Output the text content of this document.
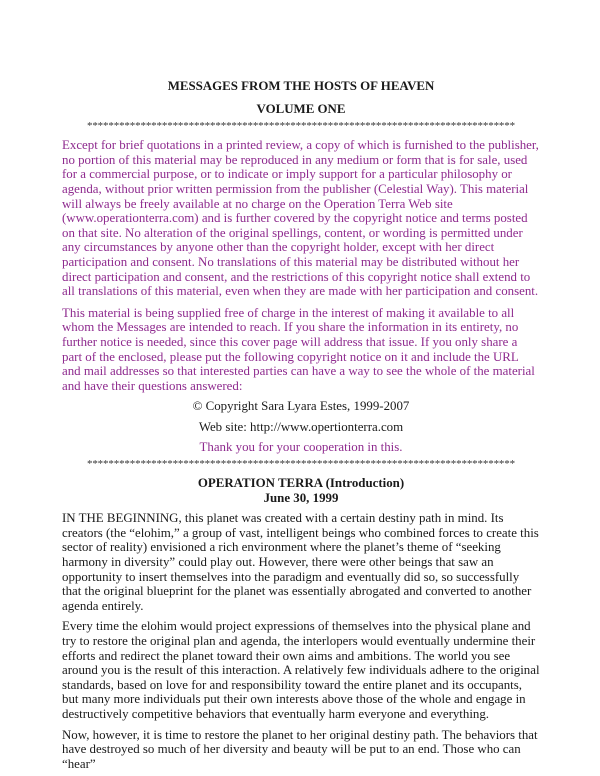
MESSAGES FROM THE HOSTS OF HEAVEN

VOLUME ONE

********************************************************************************

Except for brief quotations in a printed review, a copy of which is furnished to the publisher, no portion of this material may be reproduced in any medium or form that is for sale, used for a commercial purpose, or to indicate or imply support for a particular philosophy or agenda, without prior written permission from the publisher (Celestial Way). This material will always be freely available at no charge on the Operation Terra Web site (www.operationterra.com) and is further covered by the copyright notice and terms posted on that site. No alteration of the original spellings, content, or wording is permitted under any circumstances by anyone other than the copyright holder, except with her direct participation and consent. No translations of this material may be distributed without her direct participation and consent, and the restrictions of this copyright notice shall extend to all translations of this material, even when they are made with her participation and consent.

This material is being supplied free of charge in the interest of making it available to all whom the Messages are intended to reach. If you share the information in its entirety, no further notice is needed, since this cover page will address that issue. If you only share a part of the enclosed, please put the following copyright notice on it and include the URL and mail addresses so that interested parties can have a way to see the whole of the material and have their questions answered:

© Copyright Sara Lyara Estes, 1999-2007

Web site: http://www.opertionterra.com

Thank you for your cooperation in this.

********************************************************************************

OPERATION TERRA (Introduction)

June 30, 1999

IN THE BEGINNING, this planet was created with a certain destiny path in mind. Its creators (the “elohim,” a group of vast, intelligent beings who combined forces to create this sector of reality) envisioned a rich environment where the planet’s theme of “seeking harmony in diversity” could play out. However, there were other beings that saw an opportunity to insert themselves into the paradigm and eventually did so, so successfully that the original blueprint for the planet was essentially abrogated and converted to another agenda entirely.

Every time the elohim would project expressions of themselves into the physical plane and try to restore the original plan and agenda, the interlopers would eventually undermine their efforts and redirect the planet toward their own aims and ambitions. The world you see around you is the result of this interaction. A relatively few individuals adhere to the original standards, based on love for and responsibility toward the entire planet and its occupants, but many more individuals put their own interests above those of the whole and engage in destructively competitive behaviors that eventually harm everyone and everything.

Now, however, it is time to restore the planet to her original destiny path. The behaviors that have destroyed so much of her diversity and beauty will be put to an end. Those who can “hear”
